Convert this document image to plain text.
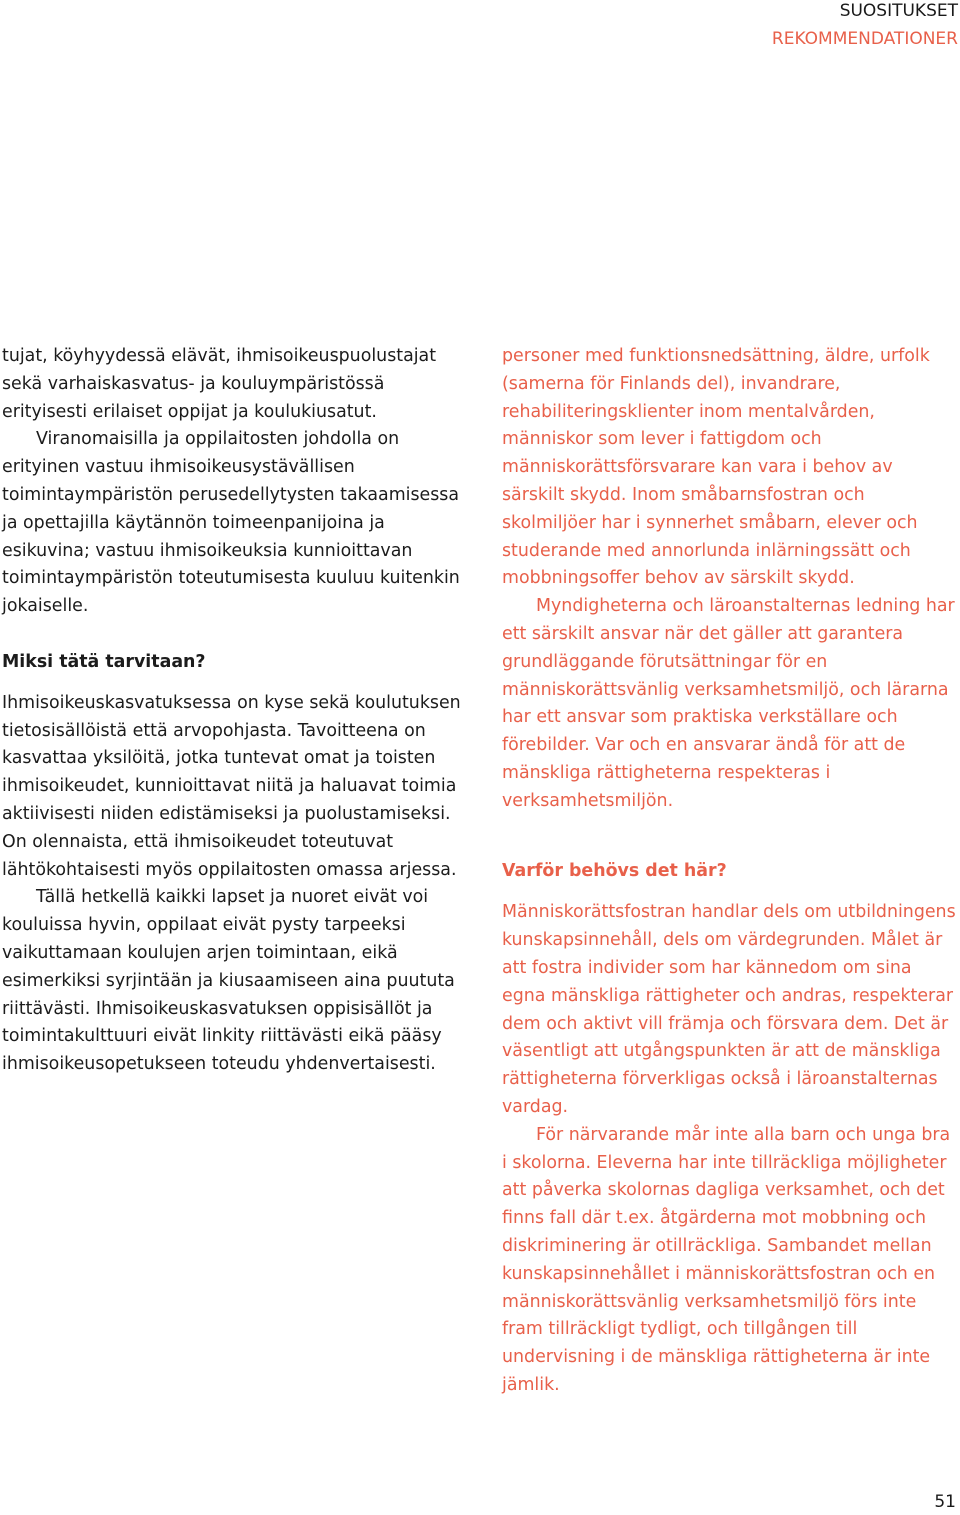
SUOSITUKSET
REKOMMENDATIONER

tujat, köyhyydessä elävät, ihmisoikeuspuolustajat sekä varhaiskasvatus- ja kouluympäristössä erityisesti erilaiset oppijat ja koulukiusatut.

Viranomaisilla ja oppilaitosten johdolla on erityinen vastuu ihmisoikeusystävällisen toimintaympäristön perusedellytysten takaamisessa ja opettajilla käytännön toimeenpanijoina ja esikuvina; vastuu ihmisoikeuksia kunnioittavan toimintaympäristön toteutumisesta kuuluu kuitenkin jokaiselle.

Miksi tätä tarvitaan?

Ihmisoikeuskasvatuksessa on kyse sekä koulutuksen tietosisällöistä että arvopohjasta. Tavoitteena on kasvattaa yksilöitä, jotka tuntevat omat ja toisten ihmisoikeudet, kunnioittavat niitä ja haluavat toimia aktiivisesti niiden edistämiseksi ja puolustamiseksi. On olennaista, että ihmisoikeudet toteutuvat lähtökohtaisesti myös oppilaitosten omassa arjessa.

Tällä hetkellä kaikki lapset ja nuoret eivät voi kouluissa hyvin, oppilaat eivät pysty tarpeeksi vaikuttamaan koulujen arjen toimintaan, eikä esimerkiksi syrjintään ja kiusaamiseen aina puututa riittävästi. Ihmisoikeuskasvatuksen oppisisällöt ja toimintakulttuuri eivät linkity riittävästi eikä pääsy ihmisoikeusopetukseen toteudu yhdenvertaisesti.

personer med funktionsnedsättning, äldre, urfolk (samerna för Finlands del), invandrare, rehabiliteringsklienter inom mentalvården, människor som lever i fattigdom och människorättsförsvarare kan vara i behov av särskilt skydd. Inom småbarnsfostran och skolmiljöer har i synnerhet småbarn, elever och studerande med annorlunda inlärningssätt och mobbningsoffer behov av särskilt skydd.

Myndigheterna och läroanstalternas ledning har ett särskilt ansvar när det gäller att garantera grundläggande förutsättningar för en människorättsvänlig verksamhetsmiljö, och lärarna har ett ansvar som praktiska verkställare och förebilder. Var och en ansvarar ändå för att de mänskliga rättigheterna respekteras i verksamhetsmiljön.

Varför behövs det här?

Människorättsfostran handlar dels om utbildningens kunskapsinnehåll, dels om värdegrunden. Målet är att fostra individer som har kännedom om sina egna mänskliga rättigheter och andras, respekterar dem och aktivt vill främja och försvara dem. Det är väsentligt att utgångspunkten är att de mänskliga rättigheterna förverkligas också i läroanstalternas vardag.

För närvarande mår inte alla barn och unga bra i skolorna. Eleverna har inte tillräckliga möjligheter att påverka skolornas dagliga verksamhet, och det finns fall där t.ex. åtgärderna mot mobbning och diskriminering är otillräckliga. Sambandet mellan kunskapsinnehållet i människorättsfostran och en människorättsvänlig verksamhetsmiljö förs inte fram tillräckligt tydligt, och tillgången till undervisning i de mänskliga rättigheterna är inte jämlik.

51
